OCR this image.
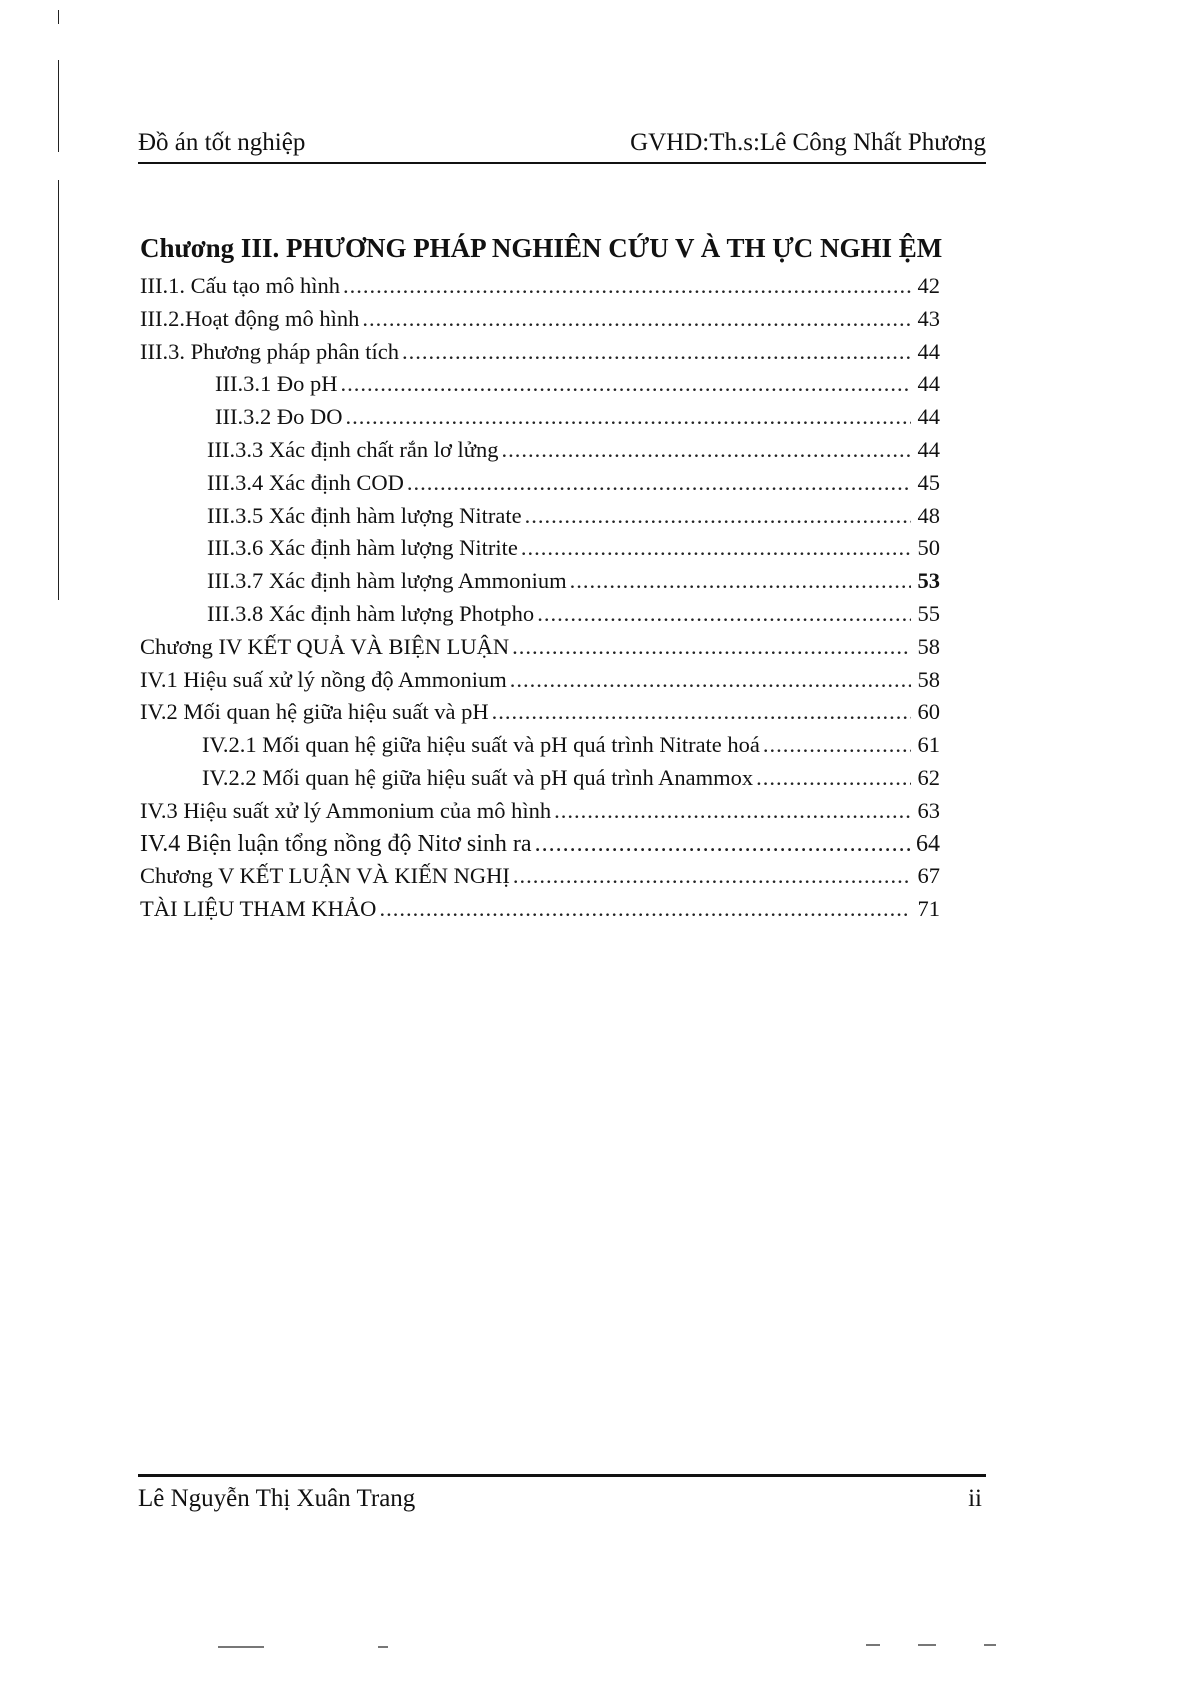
Đồ án tốt nghiệp	GVHD:Th.s:Lê Công Nhất Phương
Chương III. PHƯƠNG PHÁP NGHIÊN CỨU V À TH ỰC NGHI ỆM
III.1. Cấu tạo mô hình .....	42
III.2.Hoạt động mô hình .....	43
III.3. Phương pháp phân tích .....	44
III.3.1 Đo pH .....	44
III.3.2 Đo DO .....	44
III.3.3 Xác định chất rắn lơ lửng .....	44
III.3.4 Xác định COD .....	45
III.3.5 Xác định hàm lượng Nitrate .....	48
III.3.6 Xác định hàm lượng Nitrite .....	50
III.3.7 Xác định hàm lượng Ammonium .....	53
III.3.8 Xác định hàm lượng Photpho .....	55
Chương IV KẾT QUẢ VÀ BIỆN LUẬN .....	58
IV.1 Hiệu suấ xử lý nồng độ Ammonium .....	58
IV.2 Mối quan hệ giữa hiệu suất và pH .....	60
IV.2.1 Mối quan hệ giữa hiệu suất và pH quá trình Nitrate hoá .....	61
IV.2.2 Mối quan hệ giữa hiệu suất và pH quá trình Anammox .....	62
IV.3 Hiệu suất xử lý Ammonium của mô hình .....	63
IV.4 Biện luận tổng nồng độ Nitơ sinh ra .....	64
Chương V KẾT LUẬN VÀ KIẾN NGHỊ .....	67
TÀI LIỆU THAM KHẢO .....	71
Lê Nguyễn Thị Xuân Trang	ii
